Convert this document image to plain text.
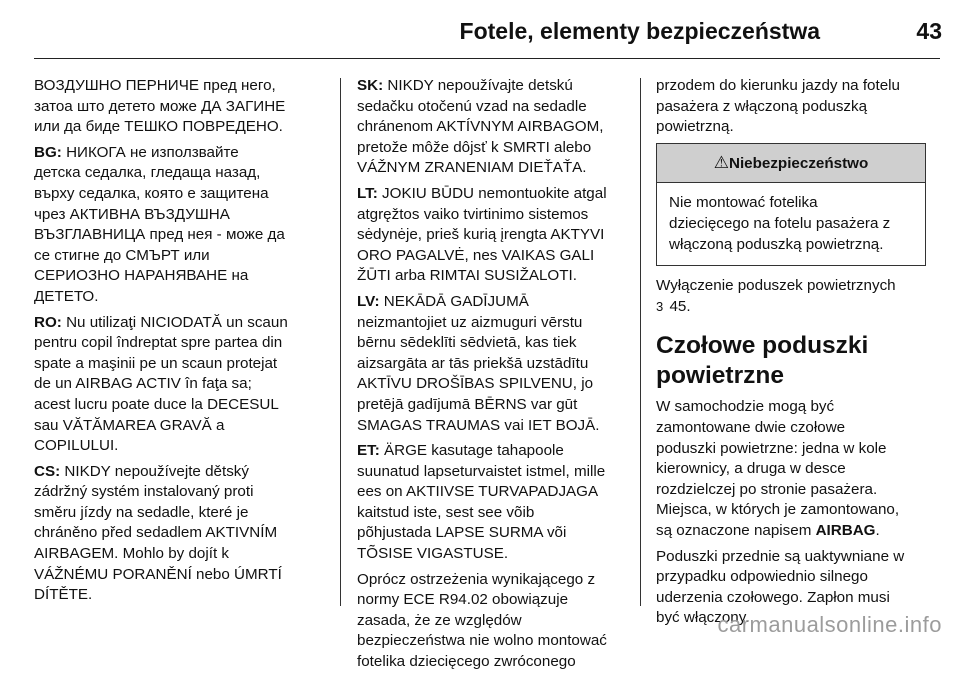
Fotele, elementy bezpieczeństwa	43

ВОЗДУШНО ПЕРНИЧЕ пред него,
затоа што детето може ДА ЗАГИНЕ
или да биде ТЕШКО ПОВРЕДЕНО.

BG: НИКОГА не използвайте
детска седалка, гледаща назад,
върху седалка, която е защитена
чрез АКТИВНА ВЪЗДУШНА
ВЪЗГЛАВНИЦА пред нея - може да
се стигне до СМЪРТ или
СЕРИОЗНО НАРАНЯВАНЕ на
ДЕТЕТО.

RO: Nu utilizaţi NICIODATĂ un scaun
pentru copil îndreptat spre partea din
spate a maşinii pe un scaun protejat
de un AIRBAG ACTIV în faţa sa;
acest lucru poate duce la DECESUL
sau VĂTĂMAREA GRAVĂ a
COPILULUI.

CS: NIKDY nepoužívejte dětský
zádržný systém instalovaný proti
směru jízdy na sedadle, které je
chráněno před sedadlem AKTIVNÍM
AIRBAGEM. Mohlo by dojít k
VÁŽNÉMU PORANĚNÍ nebo ÚMRTÍ
DÍTĚTE.

SK: NIKDY nepoužívajte detskú
sedačku otočenú vzad na sedadle
chránenom AKTÍVNYM AIRBAGOM,
pretože môže dôjsť k SMRTI alebo
VÁŽNYM ZRANENIAM DIEŤAŤA.

LT: JOKIU BŪDU nemontuokite atgal
atgręžtos vaiko tvirtinimo sistemos
sėdynėje, prieš kurią įrengta AKTYVI
ORO PAGALVĖ, nes VAIKAS GALI
ŽŪTI arba RIMTAI SUSIŽALOTI.

LV: NEKĀDĀ GADĪJUMĀ
neizmantojiet uz aizmuguri vērstu
bērnu sēdeklīti sēdvietā, kas tiek
aizsargāta ar tās priekšā uzstādītu
AKTĪVU DROŠĪBAS SPILVENU, jo
pretējā gadījumā BĒRNS var gūt
SMAGAS TRAUMAS vai IET BOJĀ.

ET: ÄRGE kasutage tahapoole
suunatud lapseturvaistet istmel, mille
ees on AKTIIVSE TURVAPADJAGA
kaitstud iste, sest see võib
põhjustada LAPSE SURMA või
TÕSISE VIGASTUSE.

Oprócz ostrzeżenia wynikającego z
normy ECE R94.02 obowiązuje
zasada, że ze względów
bezpieczeństwa nie wolno montować
fotelika dziecięcego zwróconego

przodem do kierunku jazdy na fotelu
pasażera z włączoną poduszką
powietrzną.

⚠Niebezpieczeństwo
Nie montować fotelika
dziecięcego na fotelu pasażera z
włączoną poduszką powietrzną.

Wyłączenie poduszek powietrznych
3 45.

Czołowe poduszki
powietrzne

W samochodzie mogą być
zamontowane dwie czołowe
poduszki powietrzne: jedna w kole
kierownicy, a druga w desce
rozdzielczej po stronie pasażera.
Miejsca, w których je zamontowano,
są oznaczone napisem AIRBAG.

Poduszki przednie są uaktywniane w
przypadku odpowiednio silnego
uderzenia czołowego. Zapłon musi
być włączony.

carmanualsonline.info
